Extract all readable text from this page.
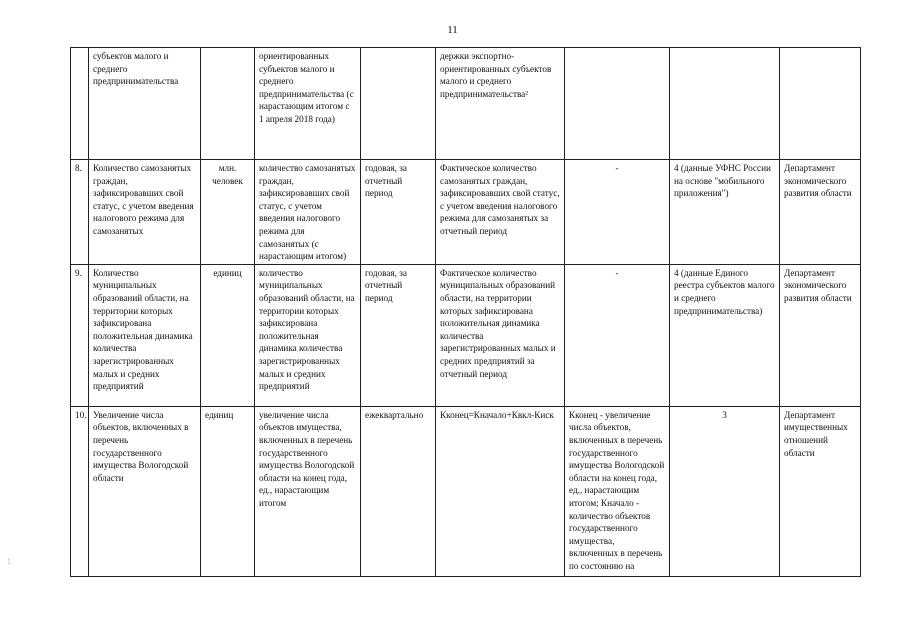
11
	субъектов малого и среднего предпринимательства		ориентированных субъектов малого и среднего предпринимательства (с нарастающим итогом с 1 апреля 2018 года)		держки экспортно-ориентированных субъектов малого и среднего предпринимательства²			
8.	Количество самозанятых граждан, зафиксировавших свой статус, с учетом введения налогового режима для самозанятых	млн. человек	количество самозанятых граждан, зафиксировавших свой статус, с учетом введения налогового режима для самозанятых (с нарастающим итогом)	годовая, за отчетный период	Фактическое количество самозанятых граждан, зафиксировавших свой статус, с учетом введения налогового режима для самозанятых за отчетный период	-	4 (данные УФНС России на основе "мобильного приложения")	Департамент экономического развития области
9.	Количество муниципальных образований области, на территории которых зафиксирована положительная динамика количества зарегистрированных малых и средних предприятий	единиц	количество муниципальных образований области, на территории которых зафиксирована положительная динамика количества зарегистрированных малых и средних предприятий	годовая, за отчетный период	Фактическое количество муниципальных образований области, на территории которых зафиксирована положительная динамика количества зарегистрированных малых и средних предприятий за отчетный период	-	4 (данные Единого реестра субъектов малого и среднего предпринимательства)	Департамент экономического развития области
10.	Увеличение числа объектов, включенных в перечень государственного имущества Вологодской области	единиц	увеличение числа объектов имущества, включенных в перечень государственного имущества Вологодской области на конец года, ед., нарастающим итогом	ежеквартально	Кконец=Кначало+Квкл-Киск	Кконец - увеличение числа объектов, включенных в перечень государственного имущества Вологодской области на конец года, ед., нарастающим итогом; Кначало - количество объектов государственного имущества, включенных в перечень по состоянию на	3	Департамент имущественных отношений области
⋮
